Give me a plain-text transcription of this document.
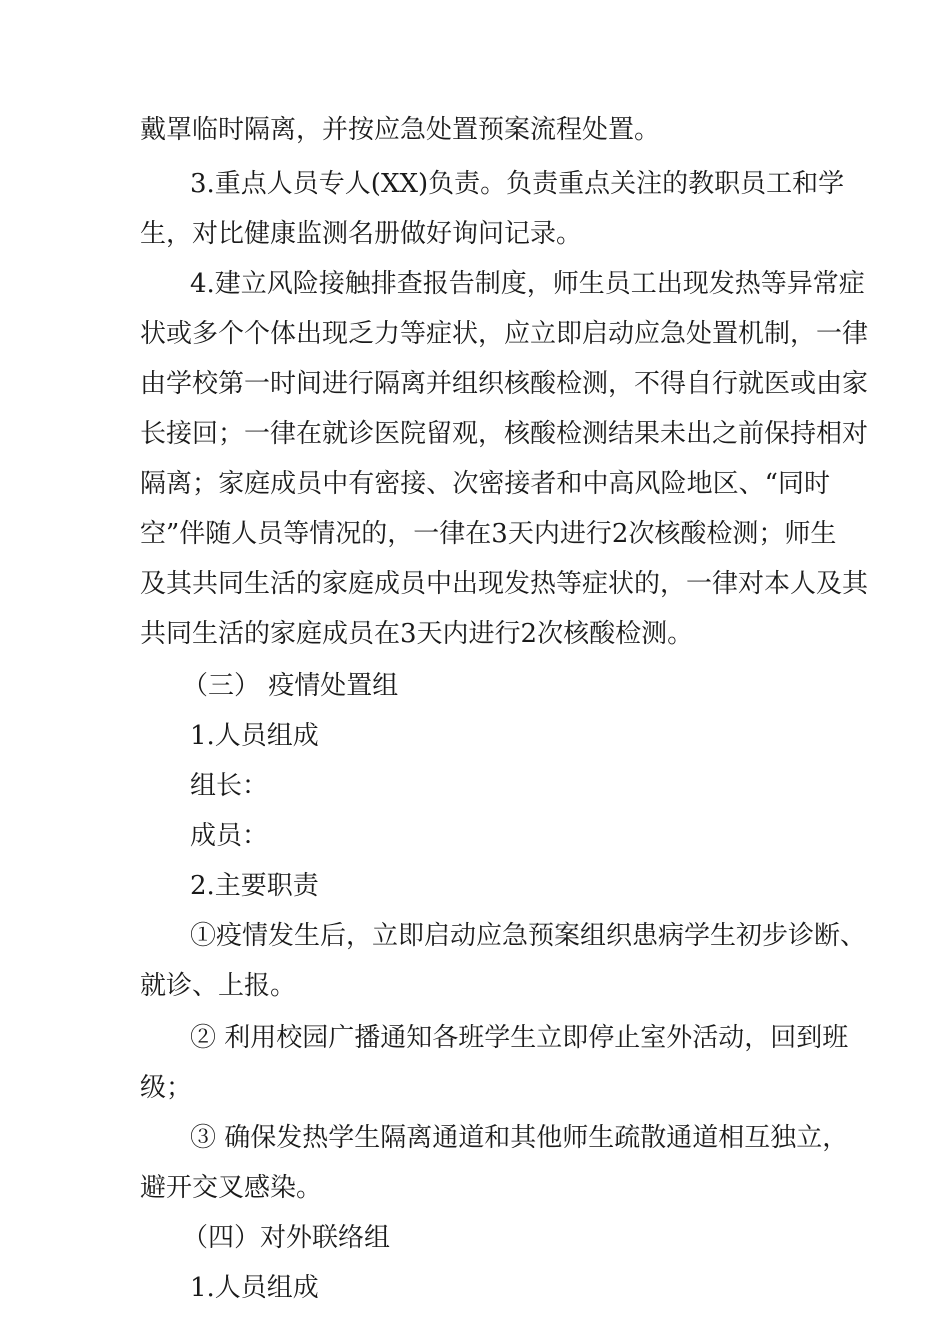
戴罩临时隔离，并按应急处置预案流程处置。
3.重点人员专人(XX)负责。负责重点关注的教职员工和学
生，对比健康监测名册做好询问记录。
4.建立风险接触排查报告制度，师生员工出现发热等异常症
状或多个个体出现乏力等症状，应立即启动应急处置机制，一律
由学校第一时间进行隔离并组织核酸检测，不得自行就医或由家
长接回；一律在就诊医院留观，核酸检测结果未出之前保持相对
隔离；家庭成员中有密接、次密接者和中高风险地区、“同时
空”伴随人员等情况的，一律在3天内进行2次核酸检测；师生
及其共同生活的家庭成员中出现发热等症状的，一律对本人及其
共同生活的家庭成员在3天内进行2次核酸检测。
（三） 疫情处置组
1.人员组成
组长：
成员：
2.主要职责
①疫情发生后，立即启动应急预案组织患病学生初步诊断、
就诊、上报。
② 利用校园广播通知各班学生立即停止室外活动，回到班
级；
③ 确保发热学生隔离通道和其他师生疏散通道相互独立，
避开交叉感染。
（四）对外联络组
1.人员组成
